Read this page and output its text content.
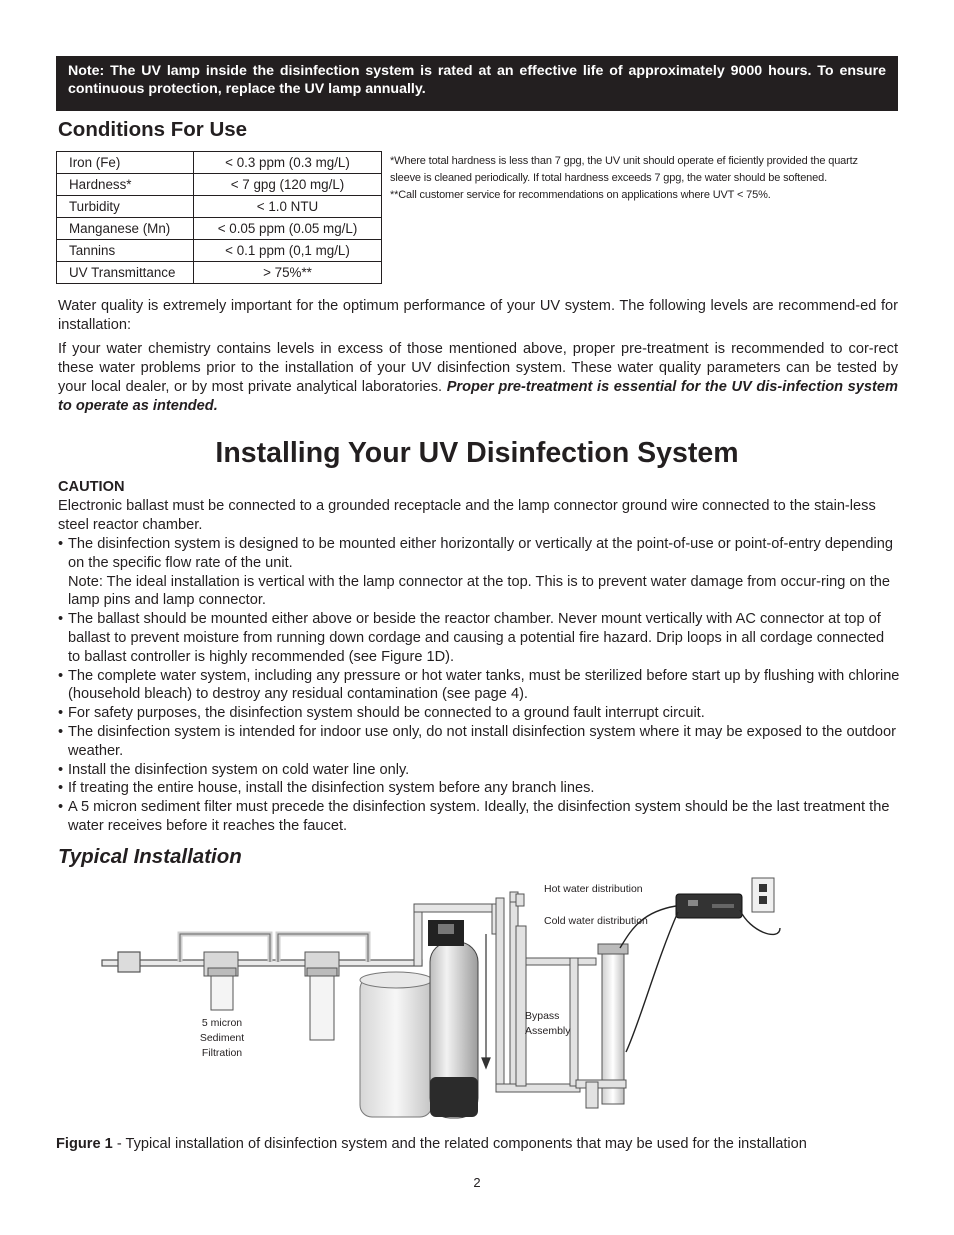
Note: The UV lamp inside the disinfection system is rated at an effective life of approximately 9000 hours. To ensure continuous protection, replace the UV lamp annually.
Conditions For Use
Iron (Fe)	< 0.3 ppm (0.3 mg/L)
Hardness*	< 7 gpg (120 mg/L)
Turbidity	< 1.0 NTU
Manganese (Mn)	< 0.05 ppm (0.05 mg/L)
Tannins	< 0.1 ppm (0,1 mg/L)
UV Transmittance	> 75%**
*Where total hardness is less than 7 gpg, the UV unit should operate ef ficiently provided the quartz
sleeve is cleaned periodically. If total hardness exceeds 7 gpg, the water should be softened.
**Call customer service for recommendations on applications where UVT < 75%.

Water quality is extremely important for the optimum performance of your UV system. The following levels are recommend-ed for installation:

If your water chemistry contains levels in excess of those mentioned above, proper pre-treatment is recommended to cor-rect these water problems prior to the installation of your UV disinfection system. These water quality parameters can be tested by your local dealer, or by most private analytical laboratories. Proper pre-treatment is essential for the UV dis-infection system to operate as intended.

Installing Your UV Disinfection System
CAUTION

Electronic ballast must be connected to a grounded receptacle and the lamp connector ground wire connected to the stain-less steel reactor chamber.

• The disinfection system is designed to be mounted either horizontally or vertically at the point-of-use or point-of-entry depending on the specific flow rate of the unit.
Note: The ideal installation is vertical with the lamp connector at the top. This is to prevent water damage from occur-ring on the lamp pins and lamp connector.
• The ballast should be mounted either above or beside the reactor chamber. Never mount vertically with AC connector at top of ballast to prevent moisture from running down cordage and causing a potential fire hazard. Drip loops in all cordage connected to ballast controller is highly recommended (see Figure 1D).
• The complete water system, including any pressure or hot water tanks, must be sterilized before start up by flushing with chlorine (household bleach) to destroy any residual contamination (see page 4).
• For safety purposes, the disinfection system should be connected to a ground fault interrupt circuit.
• The disinfection system is intended for indoor use only, do not install disinfection system where it may be exposed to the outdoor weather.
• Install the disinfection system on cold water line only.
• If treating the entire house, install the disinfection system before any branch lines.
• A 5 micron sediment filter must precede the disinfection system. Ideally, the disinfection system should be the last treatment the water receives before it reaches the faucet.
Typical Installation
Hot water distribution
Cold water distribution
Bypass
Assembly
5 micron
Sediment
Filtration
Figure 1 - Typical installation of disinfection system and the related components that may be used for the installation
2
